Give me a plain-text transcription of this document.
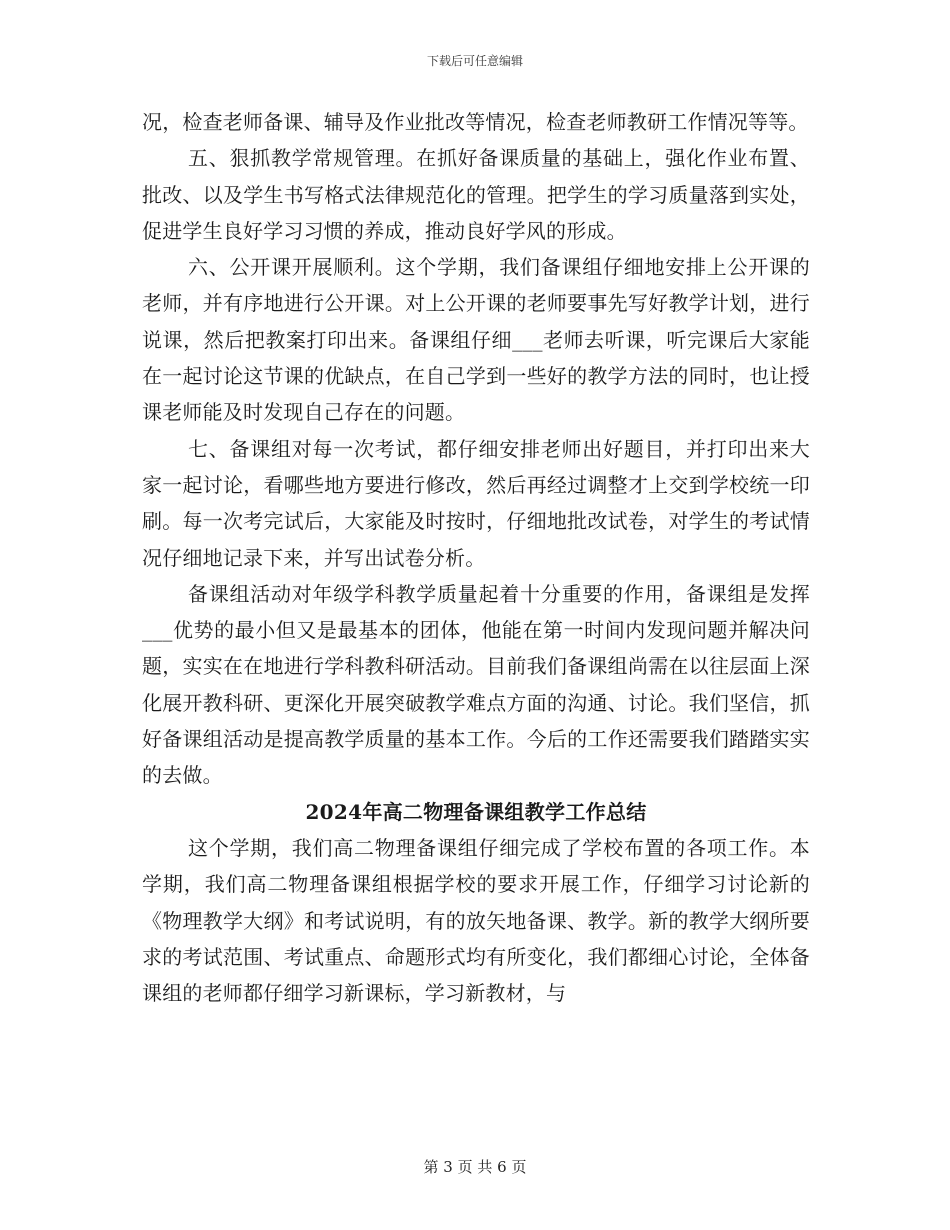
下载后可任意编辑

况，检查老师备课、辅导及作业批改等情况，检查老师教研工作情况等等。

五、狠抓教学常规管理。在抓好备课质量的基础上，强化作业布置、批改、以及学生书写格式法律规范化的管理。把学生的学习质量落到实处，促进学生良好学习习惯的养成，推动良好学风的形成。

六、公开课开展顺利。这个学期，我们备课组仔细地安排上公开课的老师，并有序地进行公开课。对上公开课的老师要事先写好教学计划，进行说课，然后把教案打印出来。备课组仔细___老师去听课，听完课后大家能在一起讨论这节课的优缺点，在自己学到一些好的教学方法的同时，也让授课老师能及时发现自己存在的问题。

七、备课组对每一次考试，都仔细安排老师出好题目，并打印出来大家一起讨论，看哪些地方要进行修改，然后再经过调整才上交到学校统一印刷。每一次考完试后，大家能及时按时，仔细地批改试卷，对学生的考试情况仔细地记录下来，并写出试卷分析。

备课组活动对年级学科教学质量起着十分重要的作用，备课组是发挥___优势的最小但又是最基本的团体，他能在第一时间内发现问题并解决问题，实实在在地进行学科教科研活动。目前我们备课组尚需在以往层面上深化展开教科研、更深化开展突破教学难点方面的沟通、讨论。我们坚信，抓好备课组活动是提高教学质量的基本工作。今后的工作还需要我们踏踏实实的去做。

2024年高二物理备课组教学工作总结

这个学期，我们高二物理备课组仔细完成了学校布置的各项工作。本学期，我们高二物理备课组根据学校的要求开展工作，仔细学习讨论新的《物理教学大纲》和考试说明，有的放矢地备课、教学。新的教学大纲所要求的考试范围、考试重点、命题形式均有所变化，我们都细心讨论，全体备课组的老师都仔细学习新课标，学习新教材，与

第 3 页 共 6 页
